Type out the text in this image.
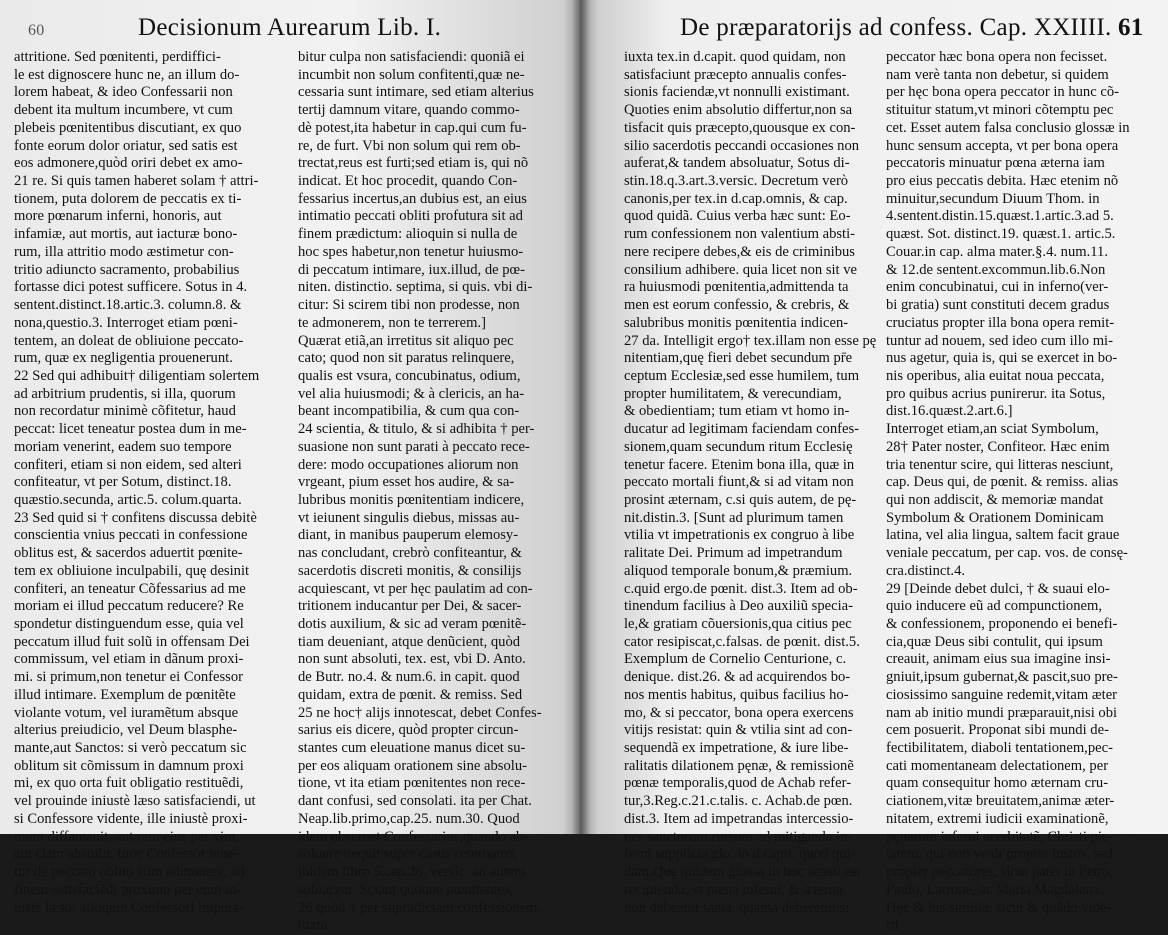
60	Decisionum Aurearum Lib. I.
attritione. Sed pœnitenti, perdiffici-
le est dignoscere hunc ne, an illum do-
lorem habeat, & ideo Confessarii non
debent ita multum incumbere, vt cum
plebeis pœnitentibus discutiant, ex quo
fonte eorum dolor oriatur, sed satis est
eos admonere,quòd oriri debet ex amo-
21 re. Si quis tamen haberet solam † attri-
tionem, puta dolorem de peccatis ex ti-
more pœnarum inferni, honoris, aut
infamiæ, aut mortis, aut iacturæ bono-
rum, illa attritio modo æstimetur con-
tritio adiuncto sacramento, probabilius
fortasse dici potest sufficere. Sotus in 4.
sentent.distinct.18.artic.3. column.8. &
nona,questio.3. Interroget etiam pœni-
tentem, an doleat de obliuione peccato-
rum, quæ ex negligentia prouenerunt.
22 Sed qui adhibuit† diligentiam solertem
ad arbitrium prudentis, si illa, quorum
non recordatur minimè cõfitetur, haud
peccat: licet teneatur postea dum in me-
moriam venerint, eadem suo tempore
confiteri, etiam si non eidem, sed alteri
confiteatur, vt per Sotum, distinct.18.
quæstio.secunda, artic.5. colum.quarta.
23 Sed quid si † confitens discussa debitè
conscientia vnius peccati in confessione
oblitus est, & sacerdos aduertit pœnite-
tem ex obliuione inculpabili, quę desinit
confiteri, an teneatur Cõfessarius ad me
moriam ei illud peccatum reducere? Re
spondetur distinguendum esse, quia vel
peccatum illud fuit solũ in offensam Dei
commissum, vel etiam in dãnum proxi-
mi. si primum,non tenetur ei Confessor
illud intimare. Exemplum de pœnitẽte
violante votum, vel iuramẽtum absque
alterius preiudicio, vel Deum blasphe-
mante,aut Sanctos: si verò peccatum sic
oblitum sit cõmissum in damnum proxi
mi, ex quo orta fuit obligatio restituẽdi,
vel prouinde iniustè læso satisfaciendi, ut
si Confessore vidente, ille iniustè proxi-
mum diffamauit, aut rem eius per vim,
aut clam abstulit, tunc Confessor tene-
tur de peccato oblito eum admonere, ad
finem satisfaciẽdi proximo per eum in-
iustè læso; alioquin Confessori imputa-
bitur culpa non satisfaciendi: quoniã ei
incumbit non solum confitenti,quæ ne-
cessaria sunt intimare, sed etiam alterius
tertij damnum vitare, quando commo-
dè potest,ita habetur in cap.qui cum fu-
re, de furt. Vbi non solum qui rem ob-
trectat,reus est furti;sed etiam is, qui nõ
indicat. Et hoc procedit, quando Con-
fessarius incertus,an dubius est, an eius
intimatio peccati obliti profutura sit ad
finem prædictum: alioquin si nulla de
hoc spes habetur,non tenetur huiusmo-
di peccatum intimare, iux.illud, de pœ-
niten. distinctio. septima, si quis. vbi di-
citur: Si scirem tibi non prodesse, non
te admonerem, non te terrerem.]
Quærat etiã,an irretitus sit aliquo pec
cato; quod non sit paratus relinquere,
qualis est vsura, concubinatus, odium,
vel alia huiusmodi; & à clericis, an ha-
beant incompatibilia, & cum qua con-
24 scientia, & titulo, & si adhibita † per-
suasione non sunt parati à peccato rece-
dere: modo occupationes aliorum non
vrgeant, pium esset hos audire, & sa-
lubribus monitis pœnitentiam indicere,
vt ieiunent singulis diebus, missas au-
diant, in manibus pauperum elemosy-
nas concludant, crebrò confiteantur, &
sacerdotis discreti monitis, & consilijs
acquiescant, vt per hęc paulatim ad con-
tritionem inducantur per Dei, & sacer-
dotis auxilium, & sic ad veram pœnitẽ-
tiam deueniant, atque denũcient, quòd
non sunt absoluti, tex. est, vbi D. Anto.
de Butr. no.4. & num.6. in capit. quod
quidam, extra de pœnit. & remiss. Sed
25 ne hoc† alijs innotescat, debet Confes-
sarius eis dicere, quòd propter circun-
stantes cum eleuatione manus dicet su-
per eos aliquam orationem sine absolu-
tione, vt ita etiam pœnitentes non rece-
dant confusi, sed consolati. ita per Chat.
Neap.lib.primo,cap.25. num.30. Quod
idem obseruet Confessarius,quando ab-
soluere nequit super casus reseruatos,
ibidem libro 5.cap.36. versic. an autem
subiaceat. Sciant quoque pœnitentes,
26 quòd † per supradictam confessionem,
iuxta
De præparatorijs ad confess. Cap. XXIIII. 61
iuxta tex.in d.capit. quod quidam, non
satisfaciunt præcepto annualis confes-
sionis faciendæ,vt nonnulli existimant.
Quoties enim absolutio differtur,non sa
tisfacit quis præcepto,quousque ex con-
silio sacerdotis peccandi occasiones non
auferat,& tandem absoluatur, Sotus di-
stin.18.q.3.art.3.versic. Decretum verò
canonis,per tex.in d.cap.omnis, & cap.
quod quidã. Cuius verba hæc sunt: Eo-
rum confessionem non valentium absti-
nere recipere debes,& eis de criminibus
consilium adhibere. quia licet non sit ve
ra huiusmodi pœnitentia,admittenda ta
men est eorum confessio, & crebris, &
salubribus monitis pœnitentia indicen-
27 da. Intelligit ergo† tex.illam non esse pę
nitentiam,quę fieri debet secundum pr̄e
ceptum Ecclesiæ,sed esse humilem, tum
propter humilitatem, & verecundiam,
& obedientiam; tum etiam vt homo in-
ducatur ad legitimam faciendam confes-
sionem,quam secundum ritum Ecclesię
tenetur facere. Etenim bona illa, quæ in
peccato mortali fiunt,& si ad vitam non
prosint æternam, c.si quis autem, de pę-
nit.distin.3. [Sunt ad plurimum tamen
vtilia vt impetrationis ex congruo à libe
ralitate Dei. Primum ad impetrandum
aliquod temporale bonum,& præmium.
c.quid ergo.de pœnit. dist.3. Item ad ob-
tinendum facilius à Deo auxiliũ specia-
le,& gratiam cõuersionis,qua citius pec
cator resipiscat,c.falsas. de pœnit. dist.5.
Exemplum de Cornelio Centurione, c.
denique. dist.26. & ad acquirendos bo-
nos mentis habitus, quibus facilius ho-
mo, & si peccator, bona opera exercens
vitijs resistat: quin & vtilia sint ad con-
sequendã ex impetratione, & iure libe-
ralitatis dilationem pęnæ, & remissionẽ
pœnæ temporalis,quod de Achab refer-
tur,3.Reg.c.21.c.talis. c. Achab.de pœn.
dist.3. Item ad impetrandas intercessio-
nes sanctorum.rursum ad mitiganda in-
ferni supplicia,glo. in d.capit. quod qui-
dam.Quę quidem glossa in hoc sensu est
recipienda, vt pœna inferni, & æterna
non debeatur tanta, quanta deberetur,si
peccator hæc bona opera non fecisset.
nam verè tanta non debetur, si quidem
per hęc bona opera peccator in hunc cõ-
stituitur statum,vt minori cõtemptu pec
cet. Esset autem falsa conclusio glossæ in
hunc sensum accepta, vt per bona opera
peccatoris minuatur pœna æterna iam
pro eius peccatis debita. Hæc etenim nõ
minuitur,secundum Diuum Thom. in
4.sentent.distin.15.quæst.1.artic.3.ad 5.
quæst. Sot. distinct.19. quæst.1. artic.5.
Couar.in cap. alma mater.§.4. num.11.
& 12.de sentent.excommun.lib.6.Non
enim concubinatui, cui in inferno(ver-
bi gratia) sunt constituti decem gradus
cruciatus propter illa bona opera remit-
tuntur ad nouem, sed ideo cum illo mi-
nus agetur, quia is, qui se exercet in bo-
nis operibus, alia euitat noua peccata,
pro quibus acrius punirerur. ita Sotus,
dist.16.quæst.2.art.6.]
Interroget etiam,an sciat Symbolum,
28† Pater noster, Confiteor. Hæc enim
tria tenentur scire, qui litteras nesciunt,
cap. Deus qui, de pœnit. & remiss. alias
qui non addiscit, & memoriæ mandat
Symbolum & Orationem Dominicam
latina, vel alia lingua, saltem facit graue
veniale peccatum, per cap. vos. de consę-
cra.distinct.4.
29 [Deinde debet dulci, † & suaui elo-
quio inducere eũ ad compunctionem,
& confessionem, proponendo ei benefi-
cia,quæ Deus sibi contulit, qui ipsum
creauit, animam eius sua imagine insi-
gniuit,ipsum gubernat,& pascit,suo pre-
ciosissimo sanguine redemit,vitam æter
nam ab initio mundi præparauit,nisi obi
cem posuerit. Proponat sibi mundi de-
fectibilitatem, diaboli tentationem,pec-
cati momentaneam delectationem, per
quam consequitur homo æternam cru-
ciationem,vitæ breuitatem,animæ æter-
nitatem, extremi iudicii examinationẽ,
pęnarum inferni acerbitatẽ, Christi pie-
tatem, qui non venit propter iustos, sed
propter peccatores, sicut patet in Petro,
Paulo, Latrone, ac Maria Magdalena.
Hęc & his similia, sicut & quãdo vide-
rit
